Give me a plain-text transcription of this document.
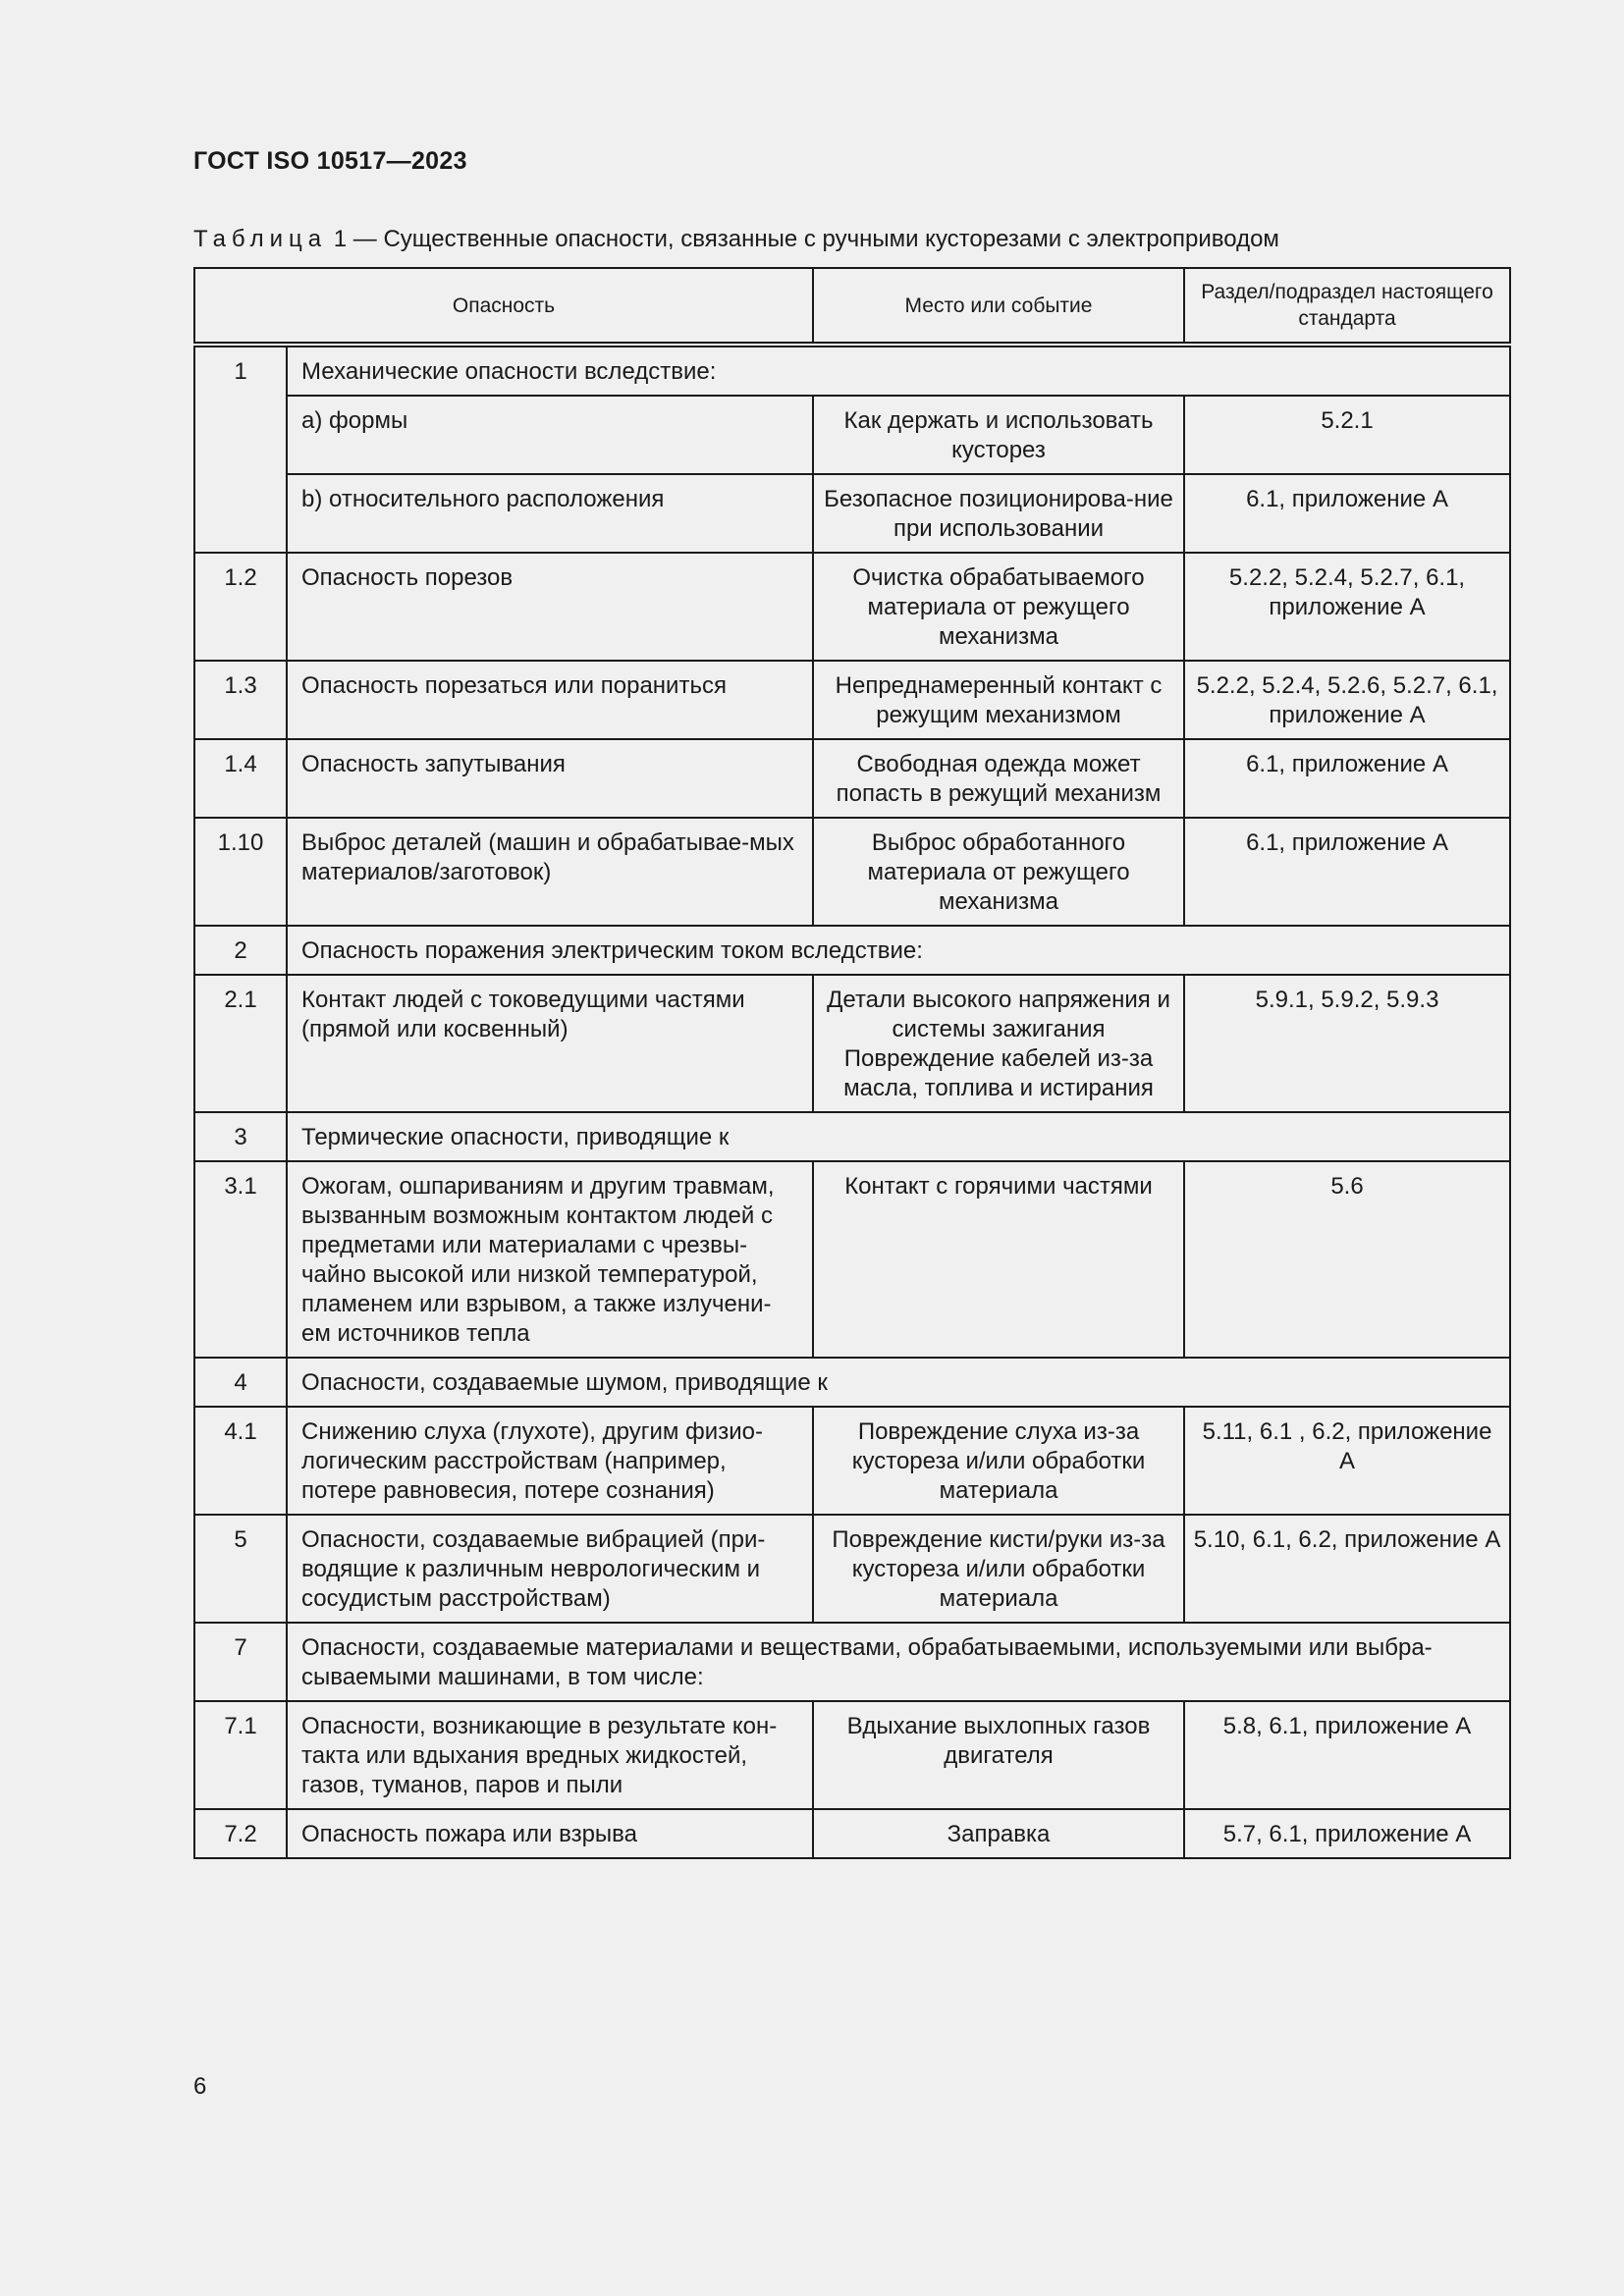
ГОСТ ISO 10517—2023
Таблица 1 — Существенные опасности, связанные с ручными кусторезами с электроприводом
Опасность		Место или событие	Раздел/подраздел настоящего стандарта
1	Механические опасности вследствие:		
	a) формы	Как держать и использовать кусторез	5.2.1
	b) относительного расположения	Безопасное позиционирова-ние при использовании	6.1, приложение А
1.2	Опасность порезов	Очистка обрабатываемого материала от режущего механизма	5.2.2, 5.2.4, 5.2.7, 6.1, приложение А
1.3	Опасность порезаться или пораниться	Непреднамеренный контакт с режущим механизмом	5.2.2, 5.2.4, 5.2.6, 5.2.7, 6.1, приложение А
1.4	Опасность запутывания	Свободная одежда может попасть в режущий механизм	6.1, приложение А
1.10	Выброс деталей (машин и обрабатывае-мых материалов/заготовок)	Выброс обработанного материала от режущего механизма	6.1, приложение А
2	Опасность поражения электрическим током вследствие:		
2.1	Контакт людей с токоведущими частями (прямой или косвенный)	Детали высокого напряжения и системы зажигания Повреждение кабелей из-за масла, топлива и истирания	5.9.1, 5.9.2, 5.9.3
3	Термические опасности, приводящие к		
3.1	Ожогам, ошпариваниям и другим травмам, вызванным возможным контактом людей с предметами или материалами с чрезвы-чайно высокой или низкой температурой, пламенем или взрывом, а также излучени-ем источников тепла	Контакт с горячими частями	5.6
4	Опасности, создаваемые шумом, приводящие к		
4.1	Снижению слуха (глухоте), другим физио-логическим расстройствам (например, потере равновесия, потере сознания)	Повреждение слуха из-за кустореза и/или обработки материала	5.11, 6.1 , 6.2, приложение А
5	Опасности, создаваемые вибрацией (при-водящие к различным неврологическим и сосудистым расстройствам)	Повреждение кисти/руки из-за кустореза и/или обработки материала	5.10, 6.1, 6.2, приложение А
7	Опасности, создаваемые материалами и веществами, обрабатываемыми, используемыми или выбра-сываемыми машинами, в том числе:		
7.1	Опасности, возникающие в результате кон-такта или вдыхания вредных жидкостей, газов, туманов, паров и пыли	Вдыхание выхлопных газов двигателя	5.8, 6.1, приложение А
7.2	Опасность пожара или взрыва	Заправка	5.7, 6.1, приложение А
6
